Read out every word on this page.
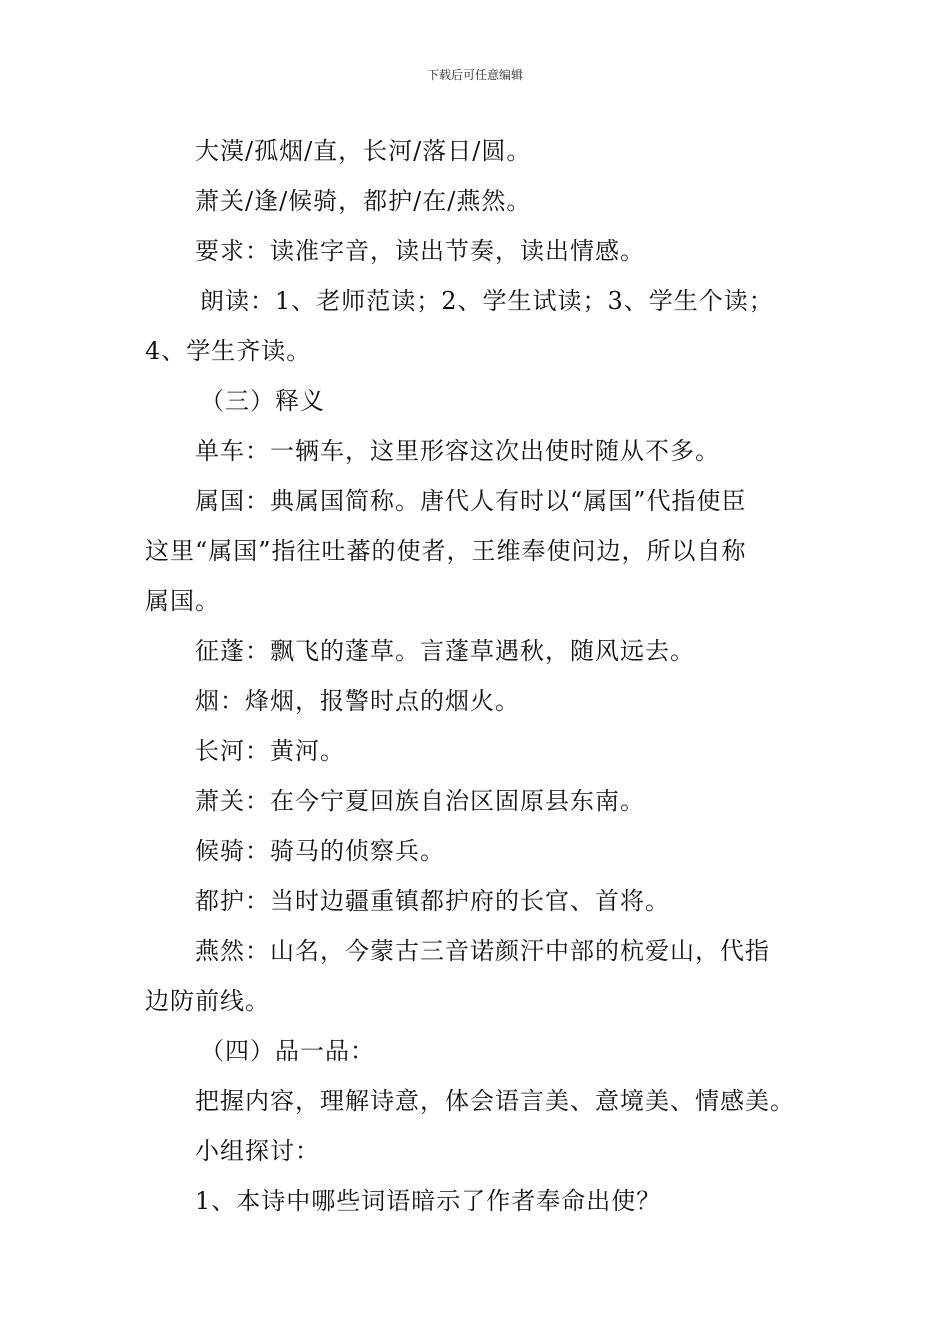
下载后可任意编辑
大漠/孤烟/直，长河/落日/圆。
萧关/逢/候骑，都护/在/燕然。
要求：读准字音，读出节奏，读出情感。
朗读：1、老师范读；2、学生试读；3、学生个读；
4、学生齐读。
（三）释义
单车：一辆车，这里形容这次出使时随从不多。
属国：典属国简称。唐代人有时以“属国”代指使臣
这里“属国”指往吐蕃的使者，王维奉使问边，所以自称
属国。
征蓬：飘飞的蓬草。言蓬草遇秋，随风远去。
烟：烽烟，报警时点的烟火。
长河：黄河。
萧关：在今宁夏回族自治区固原县东南。
候骑：骑马的侦察兵。
都护：当时边疆重镇都护府的长官、首将。
燕然：山名，今蒙古三音诺颜汗中部的杭爱山，代指
边防前线。
（四）品一品：
把握内容，理解诗意，体会语言美、意境美、情感美。
小组探讨：
1、本诗中哪些词语暗示了作者奉命出使？
